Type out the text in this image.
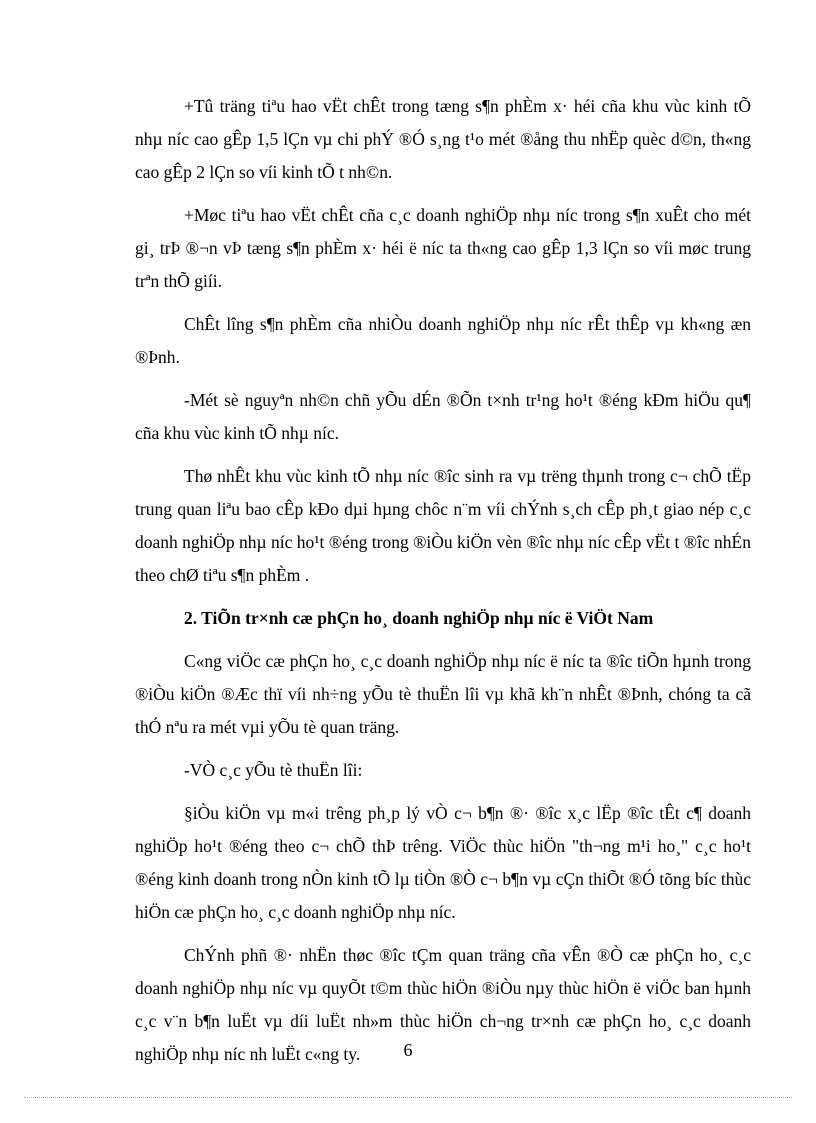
+Tû träng tiªu hao vËt chÊt trong tæng s¶n phÈm x· héi cña khu vùc kinh tÕ nhµ níc cao gÊp 1,5 lÇn vµ chi phÝ ®Ó s¸ng t¹o mét ®ång thu nhËp quèc d©n, th«ng cao gÊp 2 lÇn so víi kinh tÕ t nh©n.

+Møc tiªu hao vËt chÊt cña c¸c doanh nghiÖp nhµ níc trong s¶n xuÊt cho mét gi¸ trÞ ®¬n vÞ tæng s¶n phÈm x· héi ë níc ta th«ng cao gÊp 1,3 lÇn so víi møc trung trªn thÕ giíi.

ChÊt lîng s¶n phÈm cña nhiÒu doanh nghiÖp nhµ níc rÊt thÊp vµ kh«ng æn ®Þnh.

-Mét sè nguyªn nh©n chñ yÕu dÉn ®Õn t×nh tr¹ng ho¹t ®éng kÐm hiÖu qu¶ cña khu vùc kinh tÕ nhµ níc.

Thø nhÊt khu vùc kinh tÕ nhµ níc ®îc sinh ra vµ trëng thµnh trong c¬ chÕ tËp trung quan liªu bao cÊp kÐo dµi hµng chôc n¨m víi chÝnh s¸ch cÊp ph¸t giao nép c¸c doanh nghiÖp nhµ níc ho¹t ®éng trong ®iÒu kiÖn vèn ®îc nhµ níc cÊp vËt t ®îc nhÉn theo chØ tiªu s¶n phÈm .

2. TiÕn tr×nh cæ phÇn ho¸ doanh nghiÖp nhµ níc ë ViÖt Nam

C«ng viÖc cæ phÇn ho¸ c¸c doanh nghiÖp nhµ níc ë níc ta ®îc tiÕn hµnh trong ®iÒu kiÖn ®Æc thï víi nh÷ng yÕu tè thuËn lîi vµ khã kh¨n nhÊt ®Þnh, chóng ta cã thÓ nªu ra mét vµi yÕu tè quan träng.

-VÒ c¸c yÕu tè thuËn lîi:

§iÒu kiÖn vµ m«i trêng ph¸p lý vÒ c¬ b¶n ®· ®îc x¸c lËp ®îc tÊt c¶ doanh nghiÖp ho¹t ®éng theo c¬ chÕ thÞ trêng. ViÖc thùc hiÖn "th¬ng m¹i ho¸" c¸c ho¹t ®éng kinh doanh trong nÒn kinh tÕ lµ tiÒn ®Ò c¬ b¶n vµ cÇn thiÕt ®Ó tõng bíc thùc hiÖn cæ phÇn ho¸ c¸c doanh nghiÖp nhµ níc.

ChÝnh phñ ®· nhËn thøc ®îc tÇm quan träng cña vÊn ®Ò cæ phÇn ho¸ c¸c doanh nghiÖp nhµ níc vµ quyÕt t©m thùc hiÖn ®iÒu nµy thùc hiÖn ë viÖc ban hµnh c¸c v¨n b¶n luËt vµ díi luËt nh»m thùc hiÖn ch¬ng tr×nh cæ phÇn ho¸ c¸c doanh nghiÖp nhµ níc nh luËt c«ng ty.	6
